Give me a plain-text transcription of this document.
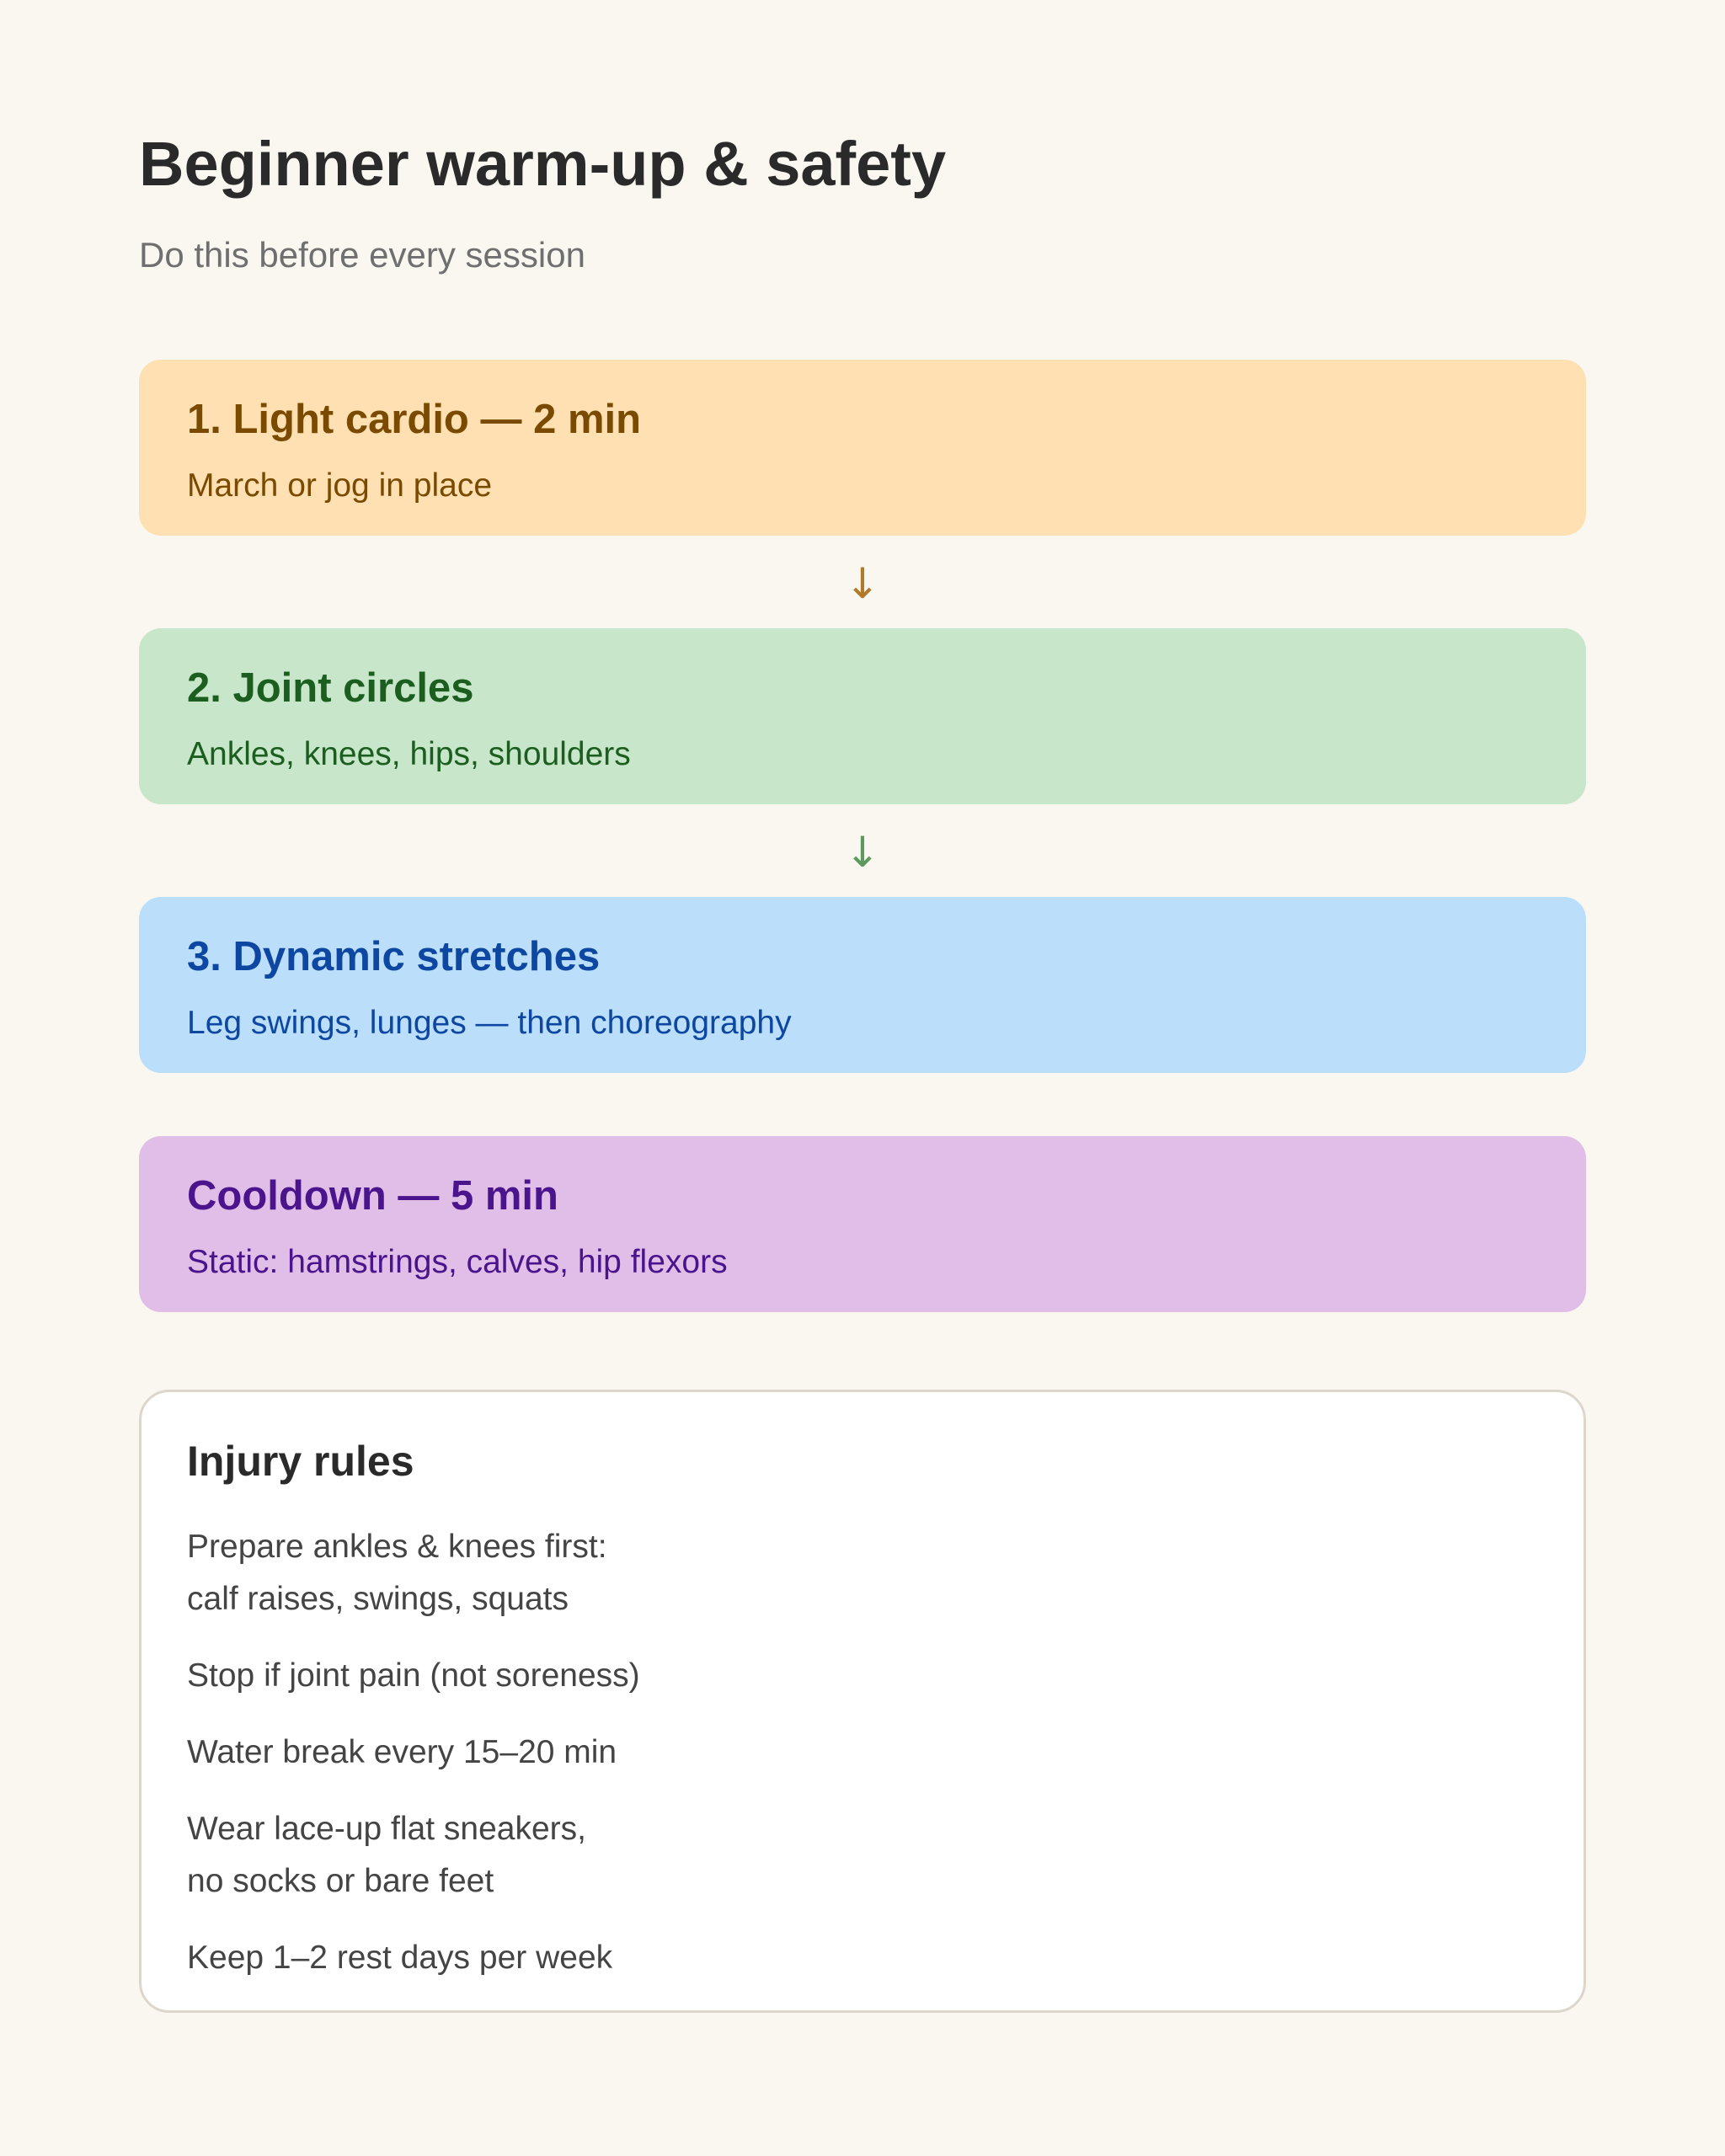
Beginner warm-up & safety

Do this before every session

1. Light cardio — 2 min
March or jog in place
↓
2. Joint circles
Ankles, knees, hips, shoulders
↓
3. Dynamic stretches
Leg swings, lunges — then choreography
Cooldown — 5 min
Static: hamstrings, calves, hip flexors
Injury rules
Prepare ankles & knees first:
calf raises, swings, squats
Stop if joint pain (not soreness)
Water break every 15–20 min
Wear lace-up flat sneakers,
no socks or bare feet
Keep 1–2 rest days per week
